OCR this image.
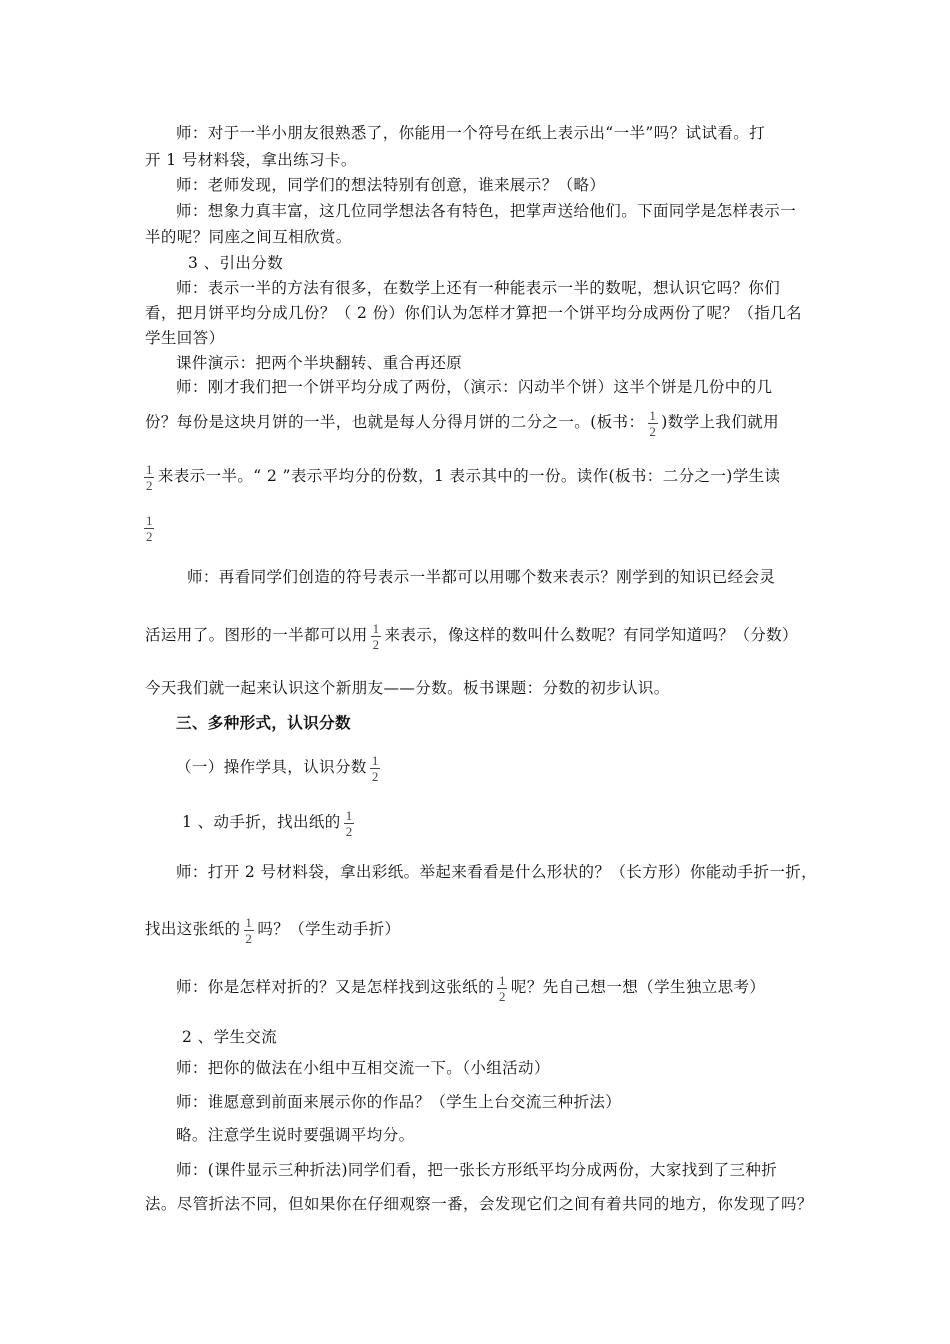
师：对于一半小朋友很熟悉了，你能用一个符号在纸上表示出“一半”吗？试试看。打
开 1 号材料袋，拿出练习卡。
师：老师发现，同学们的想法特别有创意，谁来展示？（略）
师：想象力真丰富，这几位同学想法各有特色，把掌声送给他们。下面同学是怎样表示一
半的呢？同座之间互相欣赏。
3 、引出分数
师：表示一半的方法有很多，在数学上还有一种能表示一半的数呢，想认识它吗？你们
看，把月饼平均分成几份？（ 2 份）你们认为怎样才算把一个饼平均分成两份了呢？（指几名
学生回答）
课件演示：把两个半块翻转、重合再还原
师：刚才我们把一个饼平均分成了两份，（演示：闪动半个饼）这半个饼是几份中的几
份？每份是这块月饼的一半，也就是每人分得月饼的二分之一。(板书： $\frac{1}{2}$ )数学上我们就用
$\frac{1}{2}$ 来表示一半。“ 2 ”表示平均分的份数，1 表示其中的一份。读作(板书：二分之一)学生读
$\frac{1}{2}$
师：再看同学们创造的符号表示一半都可以用哪个数来表示？刚学到的知识已经会灵
活运用了。图形的一半都可以用 $\frac{1}{2}$ 来表示，像这样的数叫什么数呢？有同学知道吗？（分数）
今天我们就一起来认识这个新朋友——分数。板书课题：分数的初步认识。
三、多种形式，认识分数
（一）操作学具，认识分数 $\frac{1}{2}$
1 、动手折，找出纸的 $\frac{1}{2}$
师：打开 2 号材料袋，拿出彩纸。举起来看看是什么形状的？（长方形）你能动手折一折，
找出这张纸的 $\frac{1}{2}$ 吗？（学生动手折）
师：你是怎样对折的？又是怎样找到这张纸的 $\frac{1}{2}$ 呢？先自己想一想（学生独立思考）
2 、学生交流
师：把你的做法在小组中互相交流一下。（小组活动）
师：谁愿意到前面来展示你的作品？（学生上台交流三种折法）
略。注意学生说时要强调平均分。
师：(课件显示三种折法)同学们看，把一张长方形纸平均分成两份，大家找到了三种折
法。尽管折法不同，但如果你在仔细观察一番，会发现它们之间有着共同的地方，你发现了吗？
